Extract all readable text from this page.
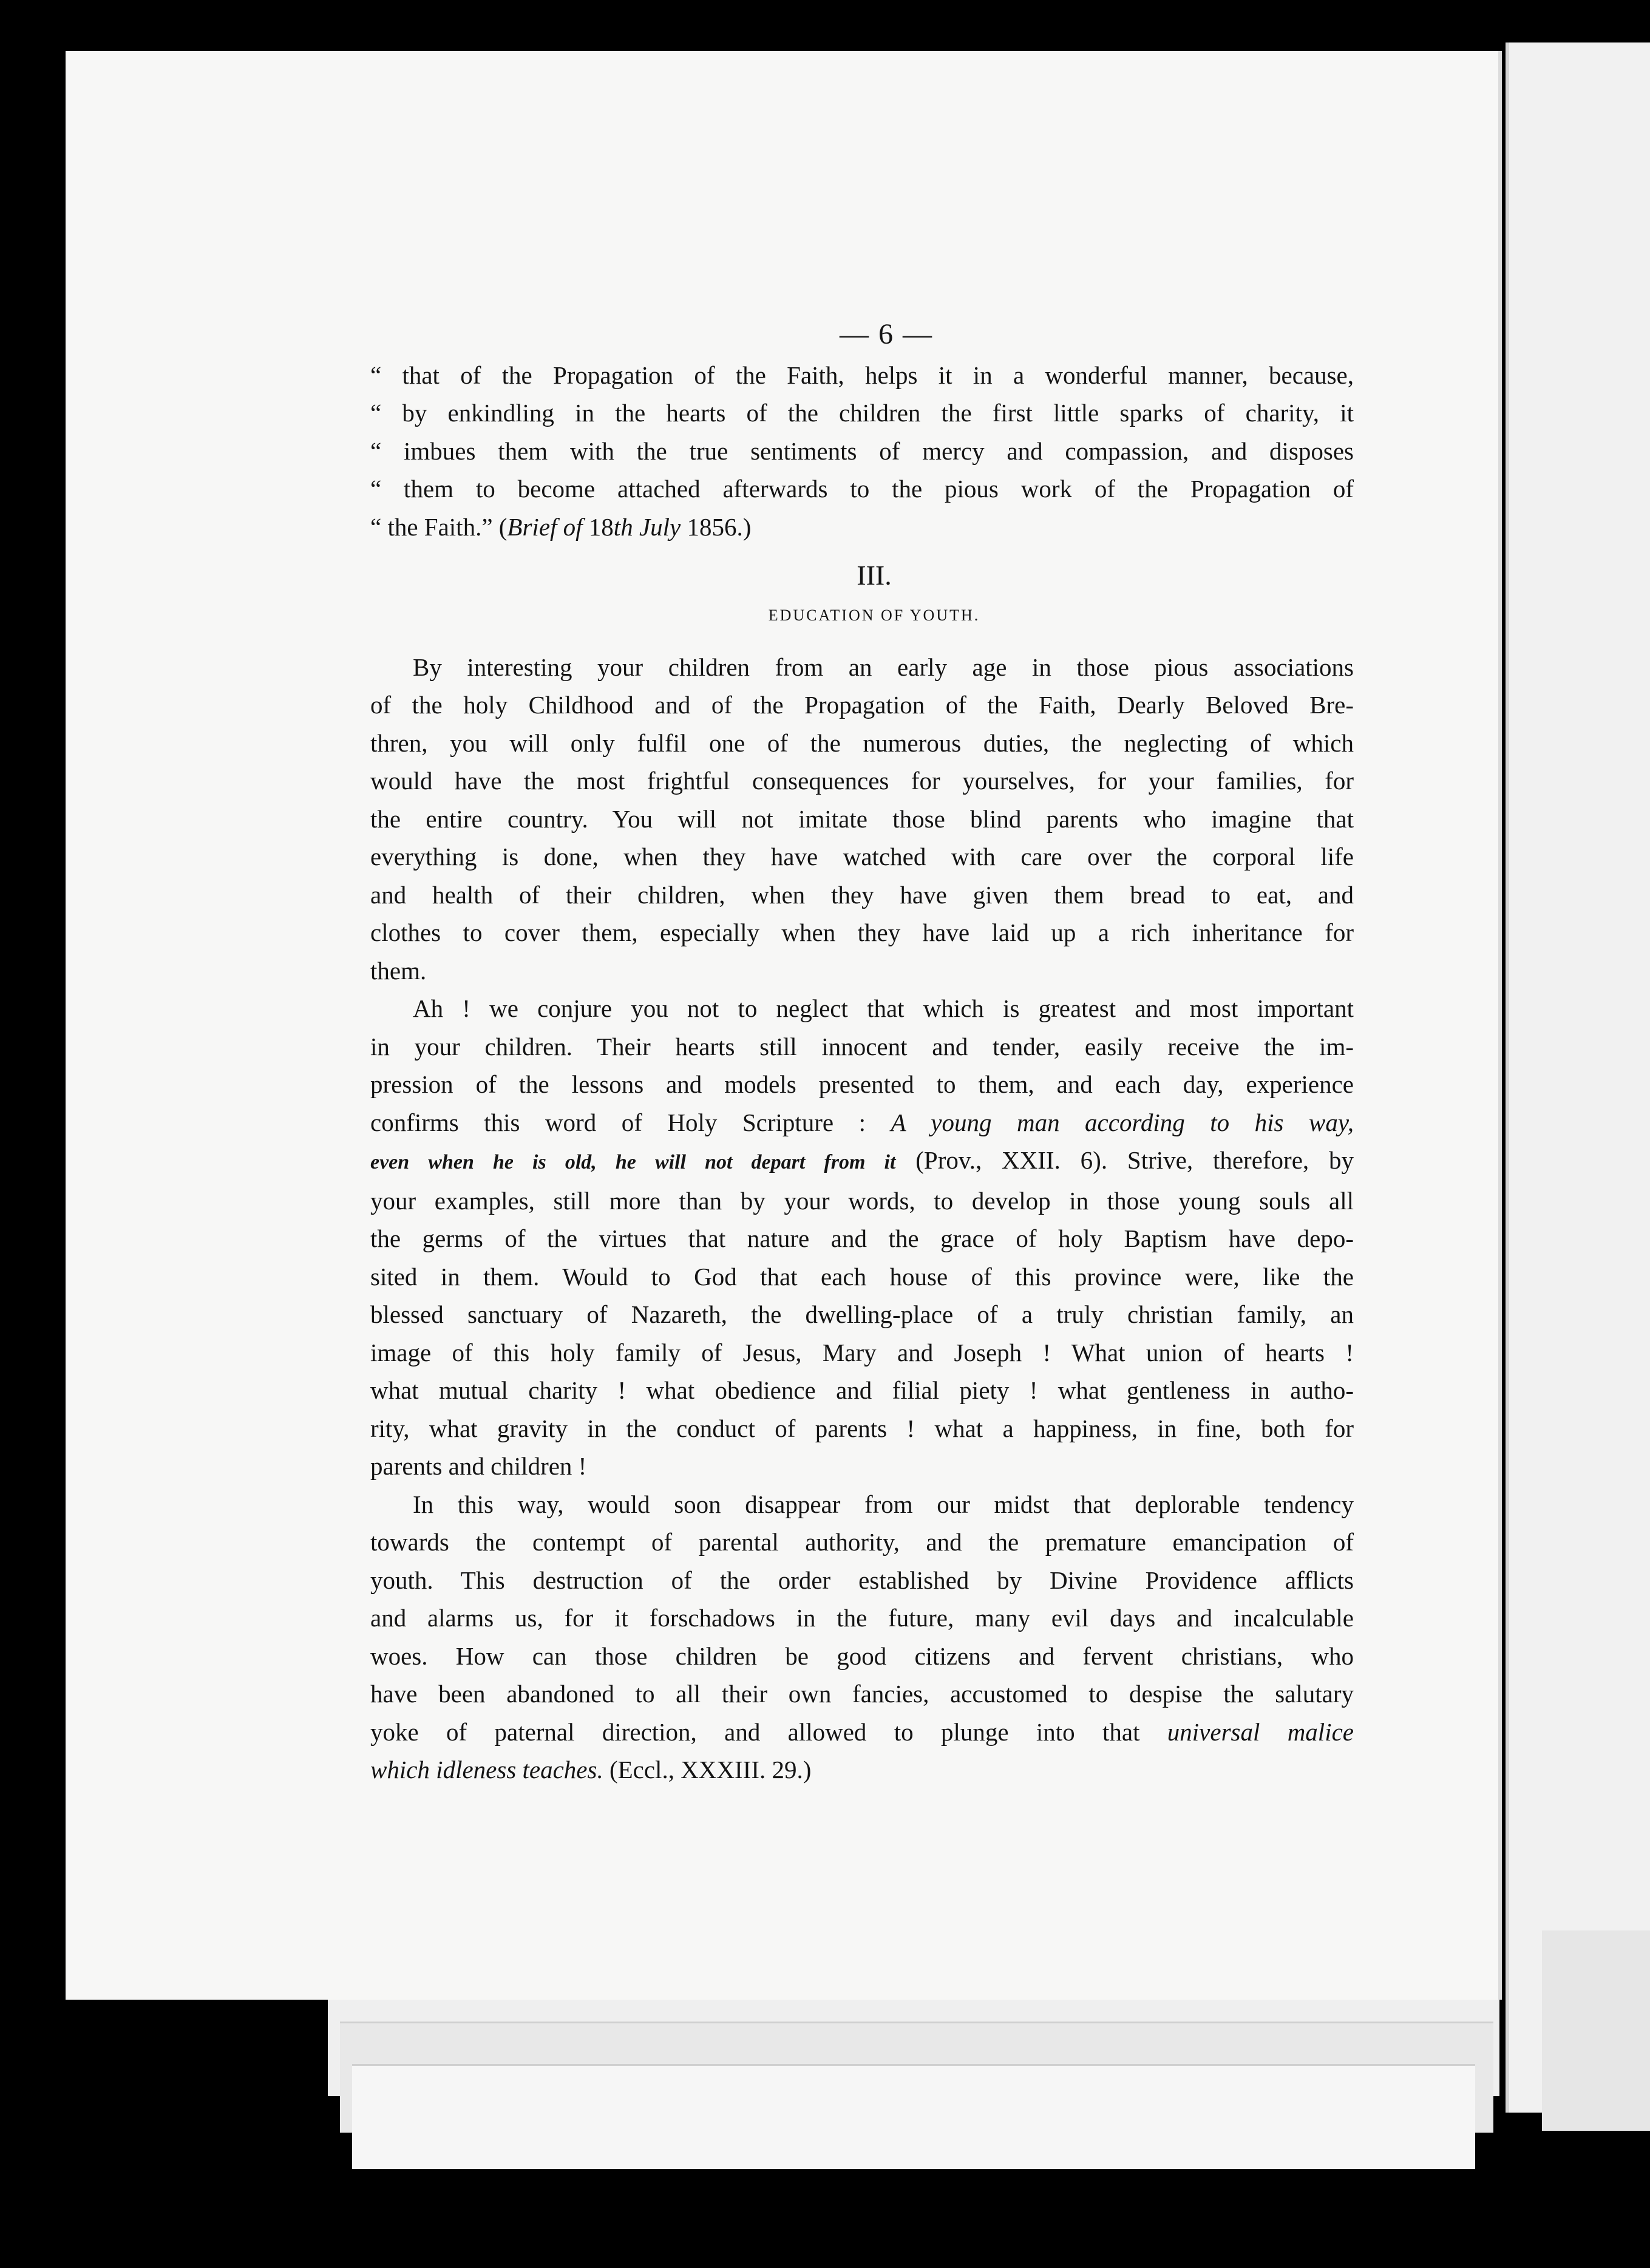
— 6 —
“ that of the Propagation of the Faith, helps it in a wonderful manner, because,
“ by enkindling in the hearts of the children the first little sparks of charity, it
“ imbues them with the true sentiments of mercy and compassion, and disposes
“ them to become attached afterwards to the pious work of the Propagation of
“ the Faith.” (Brief of 18th July 1856.)
III.
EDUCATION OF YOUTH.
By interesting your children from an early age in those pious associations
of the holy Childhood and of the Propagation of the Faith, Dearly Beloved Bre-
thren, you will only fulfil one of the numerous duties, the neglecting of which
would have the most frightful consequences for yourselves, for your families, for
the entire country. You will not imitate those blind parents who imagine that
everything is done, when they have watched with care over the corporal life
and health of their children, when they have given them bread to eat, and
clothes to cover them, especially when they have laid up a rich inheritance for
them.
Ah ! we conjure you not to neglect that which is greatest and most important
in your children. Their hearts still innocent and tender, easily receive the im-
pression of the lessons and models presented to them, and each day, experience
confirms this word of Holy Scripture : A young man according to his way,
even when he is old, he will not depart from it (Prov., XXII. 6). Strive, therefore, by
your examples, still more than by your words, to develop in those young souls all
the germs of the virtues that nature and the grace of holy Baptism have depo-
sited in them. Would to God that each house of this province were, like the
blessed sanctuary of Nazareth, the dwelling-place of a truly christian family, an
image of this holy family of Jesus, Mary and Joseph ! What union of hearts !
what mutual charity ! what obedience and filial piety ! what gentleness in autho-
rity, what gravity in the conduct of parents ! what a happiness, in fine, both for
parents and children !
In this way, would soon disappear from our midst that deplorable tendency
towards the contempt of parental authority, and the premature emancipation of
youth. This destruction of the order established by Divine Providence afflicts
and alarms us, for it forschadows in the future, many evil days and incalculable
woes. How can those children be good citizens and fervent christians, who
have been abandoned to all their own fancies, accustomed to despise the salutary
yoke of paternal direction, and allowed to plunge into that universal malice
which idleness teaches. (Eccl., XXXIII. 29.)
